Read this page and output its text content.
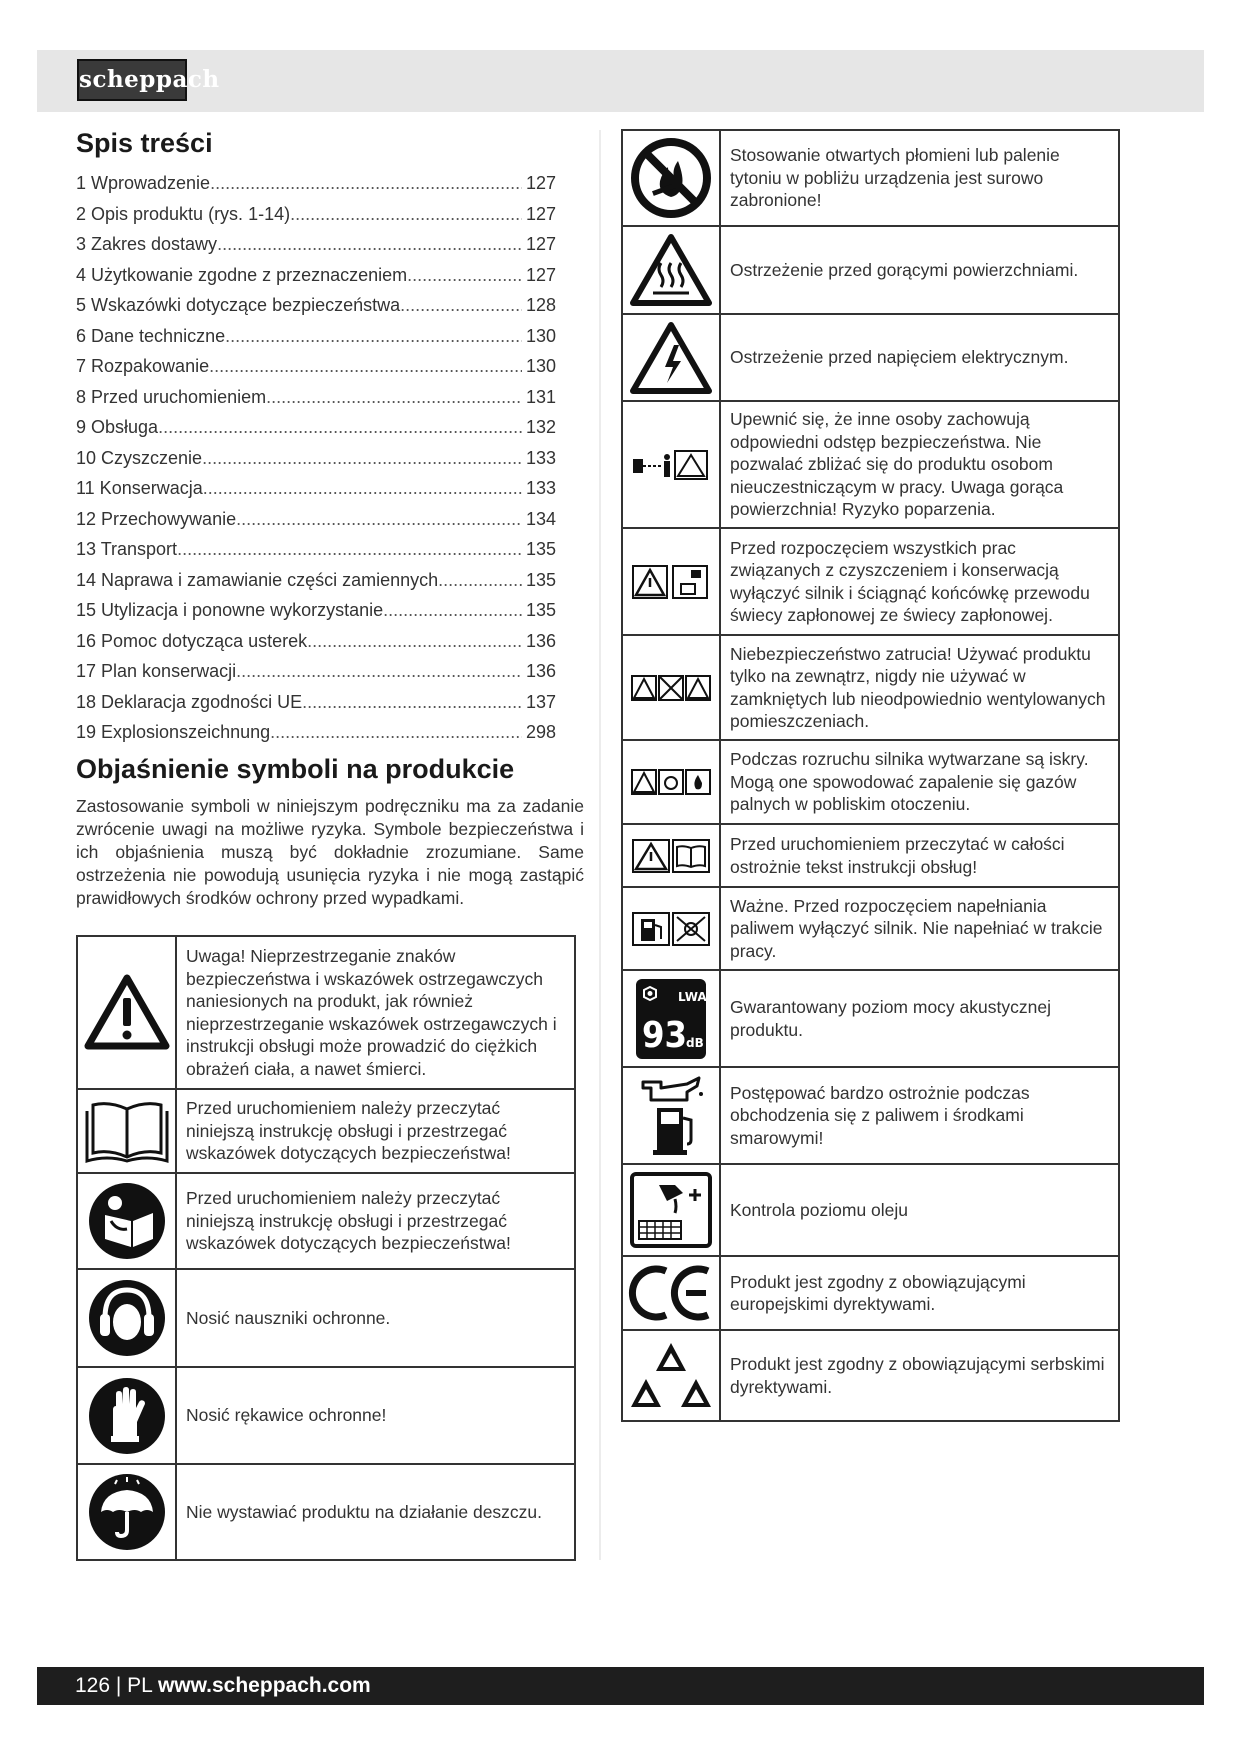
scheppach
Spis treści
1 Wprowadzenie .....	127
2 Opis produktu (rys. 1-14) .....	127
3 Zakres dostawy .....	127
4 Użytkowanie zgodne z przeznaczeniem .....	127
5 Wskazówki dotyczące bezpieczeństwa .....	128
6 Dane techniczne .....	130
7 Rozpakowanie .....	130
8 Przed uruchomieniem .....	131
9 Obsługa .....	132
10 Czyszczenie .....	133
11 Konserwacja .....	133
12 Przechowywanie .....	134
13 Transport .....	135
14 Naprawa i zamawianie części zamiennych .....	135
15 Utylizacja i ponowne wykorzystanie .....	135
16 Pomoc dotycząca usterek .....	136
17 Plan konserwacji .....	136
18 Deklaracja zgodności UE .....	137
19 Explosionszeichnung .....	298
Objaśnienie symboli na produkcie

Zastosowanie symboli w niniejszym podręczniku ma za zadanie zwrócenie uwagi na możliwe ryzyka. Symbole bezpieczeństwa i ich objaśnienia muszą być dokładnie zrozumiane. Same ostrzeżenia nie powodują usunięcia ryzyka i nie mogą zastąpić prawidłowych środków ochrony przed wypadkami.

	Uwaga! Nieprzestrzeganie znaków bezpieczeństwa i wskazówek ostrzegawczych naniesionych na produkt, jak również nieprzestrzeganie wskazówek ostrzegawczych i instrukcji obsługi może prowadzić do ciężkich obrażeń ciała, a nawet śmierci.

	Przed uruchomieniem należy przeczytać niniejszą instrukcję obsługi i przestrzegać wskazówek dotyczących bezpieczeństwa!

	Przed uruchomieniem należy przeczytać niniejszą instrukcję obsługi i przestrzegać wskazówek dotyczących bezpieczeństwa!

	Nosić nauszniki ochronne.

	Nosić rękawice ochronne!

	Nie wystawiać produktu na działanie deszczu.
	Stosowanie otwartych płomieni lub palenie tytoniu w pobliżu urządzenia jest surowo zabronione!

	Ostrzeżenie przed gorącymi powierzchniami.

	Ostrzeżenie przed napięciem elektrycznym.

	Upewnić się, że inne osoby zachowują odpowiedni odstęp bezpieczeństwa. Nie pozwalać zbliżać się do produktu osobom nieuczestniczącym w pracy. Uwaga gorąca powierzchnia! Ryzyko poparzenia.

	Przed rozpoczęciem wszystkich prac związanych z czyszczeniem i konserwacją wyłączyć silnik i ściągnąć końcówkę przewodu świecy zapłonowej ze świecy zapłonowej.

	Niebezpieczeństwo zatrucia! Używać produktu tylko na zewnątrz, nigdy nie używać w zamkniętych lub nieodpowiednio wentylowanych pomieszczeniach.

	Podczas rozruchu silnika wytwarzane są iskry. Mogą one spowodować zapalenie się gazów palnych w pobliskim otoczeniu.

	Przed uruchomieniem przeczytać w całości ostrożnie tekst instrukcji obsług!

	Ważne. Przed rozpoczęciem napełniania paliwem wyłączyć silnik. Nie napełniać w trakcie pracy.

LWA
93
dB	Gwarantowany poziom mocy akustycznej produktu.

	Postępować bardzo ostrożnie podczas obchodzenia się z paliwem i środkami smarowymi!

	Kontrola poziomu oleju

	Produkt jest zgodny z obowiązującymi europejskimi dyrektywami.

	Produkt jest zgodny z obowiązującymi serbskimi dyrektywami.
126 | PL www.scheppach.com
